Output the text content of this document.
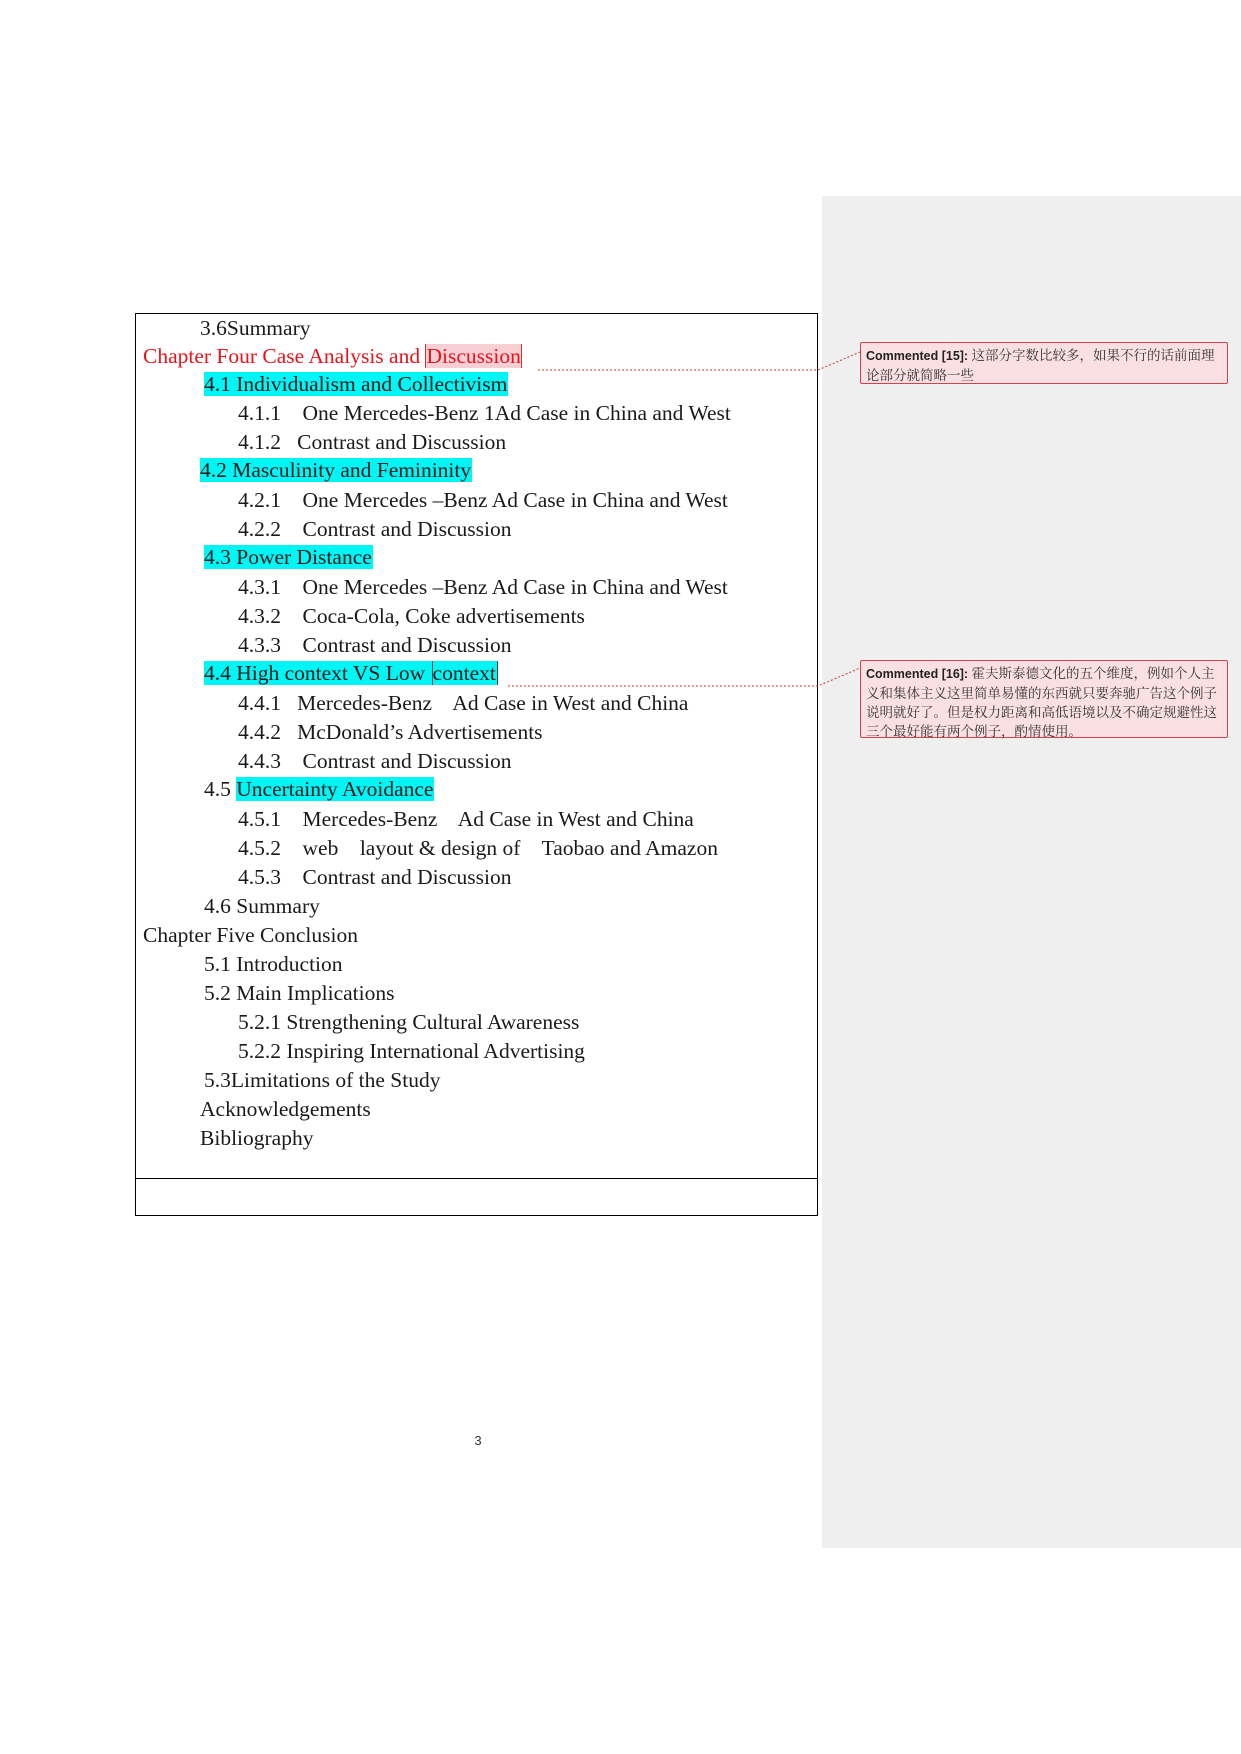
3.6Summary
Chapter Four Case Analysis and Discussion
4.1 Individualism and Collectivism
4.1.1 One Mercedes-Benz 1Ad Case in China and West
4.1.2 Contrast and Discussion
4.2 Masculinity and Femininity
4.2.1 One Mercedes –Benz Ad Case in China and West
4.2.2 Contrast and Discussion
4.3 Power Distance
4.3.1 One Mercedes –Benz Ad Case in China and West
4.3.2 Coca-Cola, Coke advertisements
4.3.3 Contrast and Discussion
4.4 High context VS Low context
4.4.1 Mercedes-Benz    Ad Case in West and China
4.4.2 McDonald’s Advertisements
4.4.3 Contrast and Discussion
4.5 Uncertainty Avoidance
4.5.1 Mercedes-Benz    Ad Case in West and China
4.5.2 web    layout & design of    Taobao and Amazon
4.5.3 Contrast and Discussion
4.6 Summary
Chapter Five Conclusion
5.1 Introduction
5.2 Main Implications
5.2.1 Strengthening Cultural Awareness
5.2.2 Inspiring International Advertising
5.3Limitations of the Study
Acknowledgements
Bibliography
3
Commented [15]: 这部分字数比较多，如果不行的话前面理论部分就简略一些
Commented [16]: 霍夫斯泰德文化的五个维度，例如个人主义和集体主义这里简单易懂的东西就只要奔驰广告这个例子说明就好了。但是权力距离和高低语境以及不确定规避性这三个最好能有两个例子，酌情使用。
